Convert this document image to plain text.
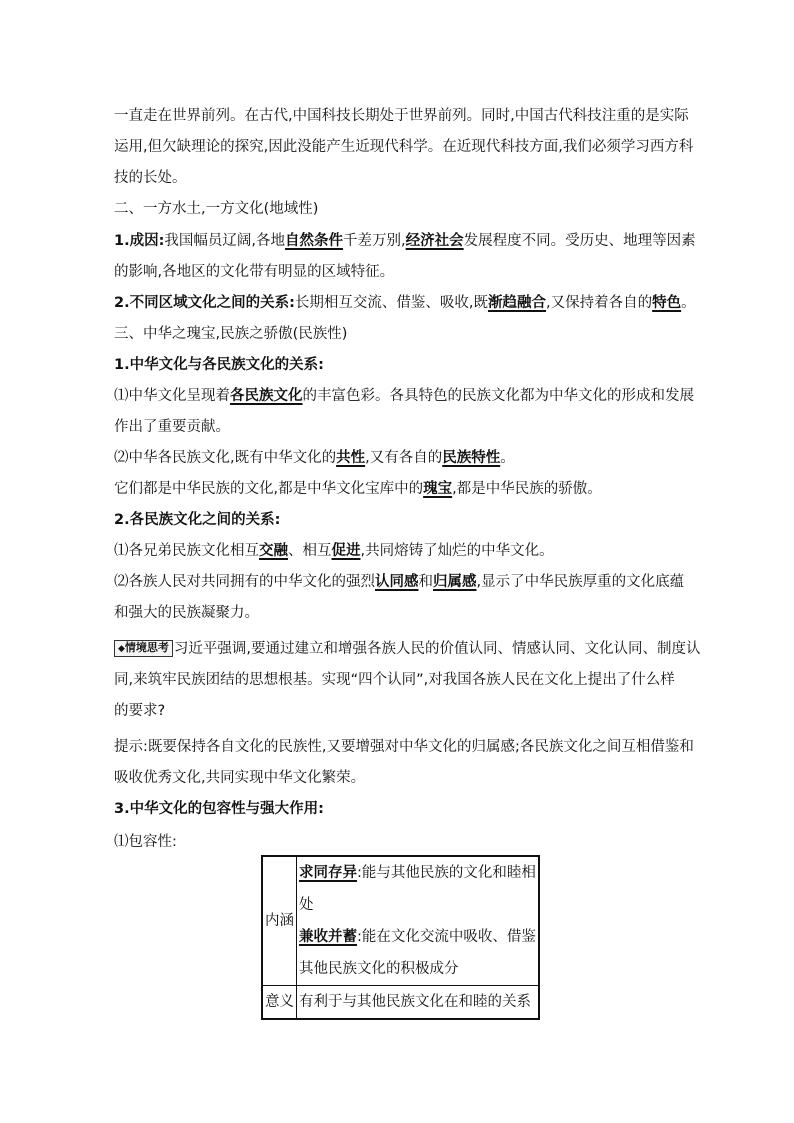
一直走在世界前列。在古代,中国科技长期处于世界前列。同时,中国古代科技注重的是实际
运用,但欠缺理论的探究,因此没能产生近现代科学。在近现代科技方面,我们必须学习西方科
技的长处。
二、一方水土,一方文化(地域性)
1.成因:我国幅员辽阔,各地自然条件千差万别,经济社会发展程度不同。受历史、地理等因素
的影响,各地区的文化带有明显的区域特征。
2.不同区域文化之间的关系:长期相互交流、借鉴、吸收,既渐趋融合,又保持着各自的特色。
三、中华之瑰宝,民族之骄傲(民族性)
1.中华文化与各民族文化的关系:
⑴中华文化呈现着各民族文化的丰富色彩。各具特色的民族文化都为中华文化的形成和发展
作出了重要贡献。
⑵中华各民族文化,既有中华文化的共性,又有各自的民族特性。
它们都是中华民族的文化,都是中华文化宝库中的瑰宝,都是中华民族的骄傲。
2.各民族文化之间的关系:
⑴各兄弟民族文化相互交融、相互促进,共同熔铸了灿烂的中华文化。
⑵各族人民对共同拥有的中华文化的强烈认同感和归属感,显示了中华民族厚重的文化底蕴
和强大的民族凝聚力。
◆情境思考 习近平强调,要通过建立和增强各族人民的价值认同、情感认同、文化认同、制度认
同,来筑牢民族团结的思想根基。实现“四个认同”,对我国各族人民在文化上提出了什么样
的要求?
提示:既要保持各自文化的民族性,又要增强对中华文化的归属感;各民族文化之间互相借鉴和
吸收优秀文化,共同实现中华文化繁荣。
3.中华文化的包容性与强大作用:
⑴包容性:
内涵	求同存异:能与其他民族的文化和睦相
处
兼收并蓄:能在文化交流中吸收、借鉴
其他民族文化的积极成分

意义	有利于与其他民族文化在和睦的关系
